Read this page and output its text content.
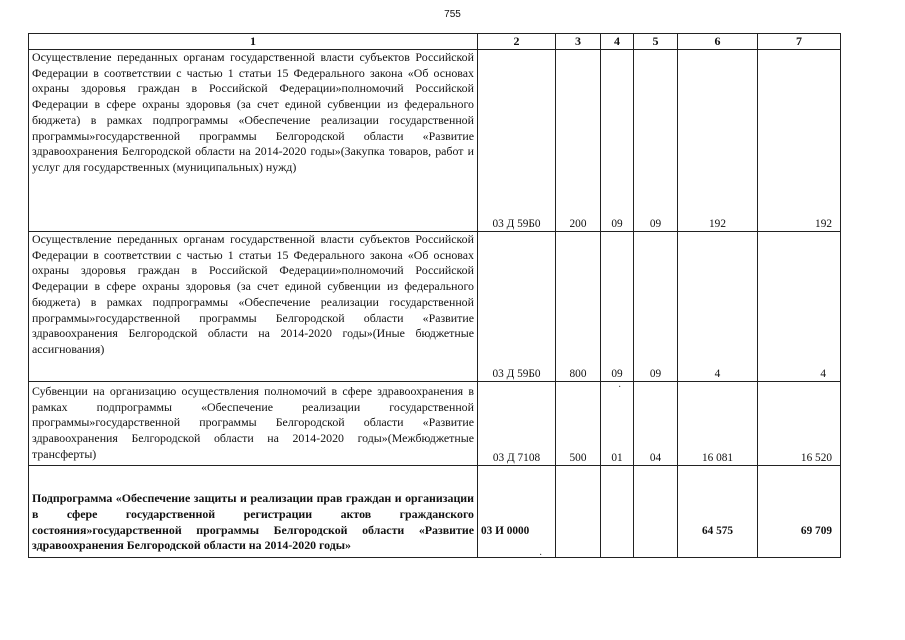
755
1	2	3	4	5	6	7
Осуществление переданных органам государственной власти субъектов Российской Федерации в соответствии с частью 1 статьи 15 Федерального закона «Об основах охраны здоровья граждан в Российской Федерации»полномочий Российской Федерации в сфере охраны здоровья (за счет единой субвенции из федерального бюджета) в рамках подпрограммы «Обеспечение реализации государственной программы»государственной программы Белгородской области «Развитие здравоохранения Белгородской области на 2014-2020 годы»(Закупка товаров, работ и услуг для государственных (муниципальных) нужд)	03 Д 59Б0	200	09	09	192	192
Осуществление переданных органам государственной власти субъектов Российской Федерации в соответствии с частью 1 статьи 15 Федерального закона «Об основах охраны здоровья граждан в Российской Федерации»полномочий Российской Федерации в сфере охраны здоровья (за счет единой субвенции из федерального бюджета) в рамках подпрограммы «Обеспечение реализации государственной программы»государственной программы Белгородской области «Развитие здравоохранения Белгородской области на 2014-2020 годы»(Иные бюджетные ассигнования)	03 Д 59Б0	800	09	09	4	4
Субвенции на организацию осуществления полномочий в сфере здравоохранения в рамках подпрограммы «Обеспечение реализации государственной программы»государственной программы Белгородской области «Развитие здравоохранения Белгородской области на 2014-2020 годы»(Межбюджетные трансферты)	03 Д 7108	500	01	04	16 081	16 520
Подпрограмма «Обеспечение защиты и реализации прав граждан и организации в сфере государственной регистрации актов гражданского состояния»государственной программы Белгородской области «Развитие здравоохранения Белгородской области на 2014-2020 годы»	03 И 0000				64 575	69 709
·
·
